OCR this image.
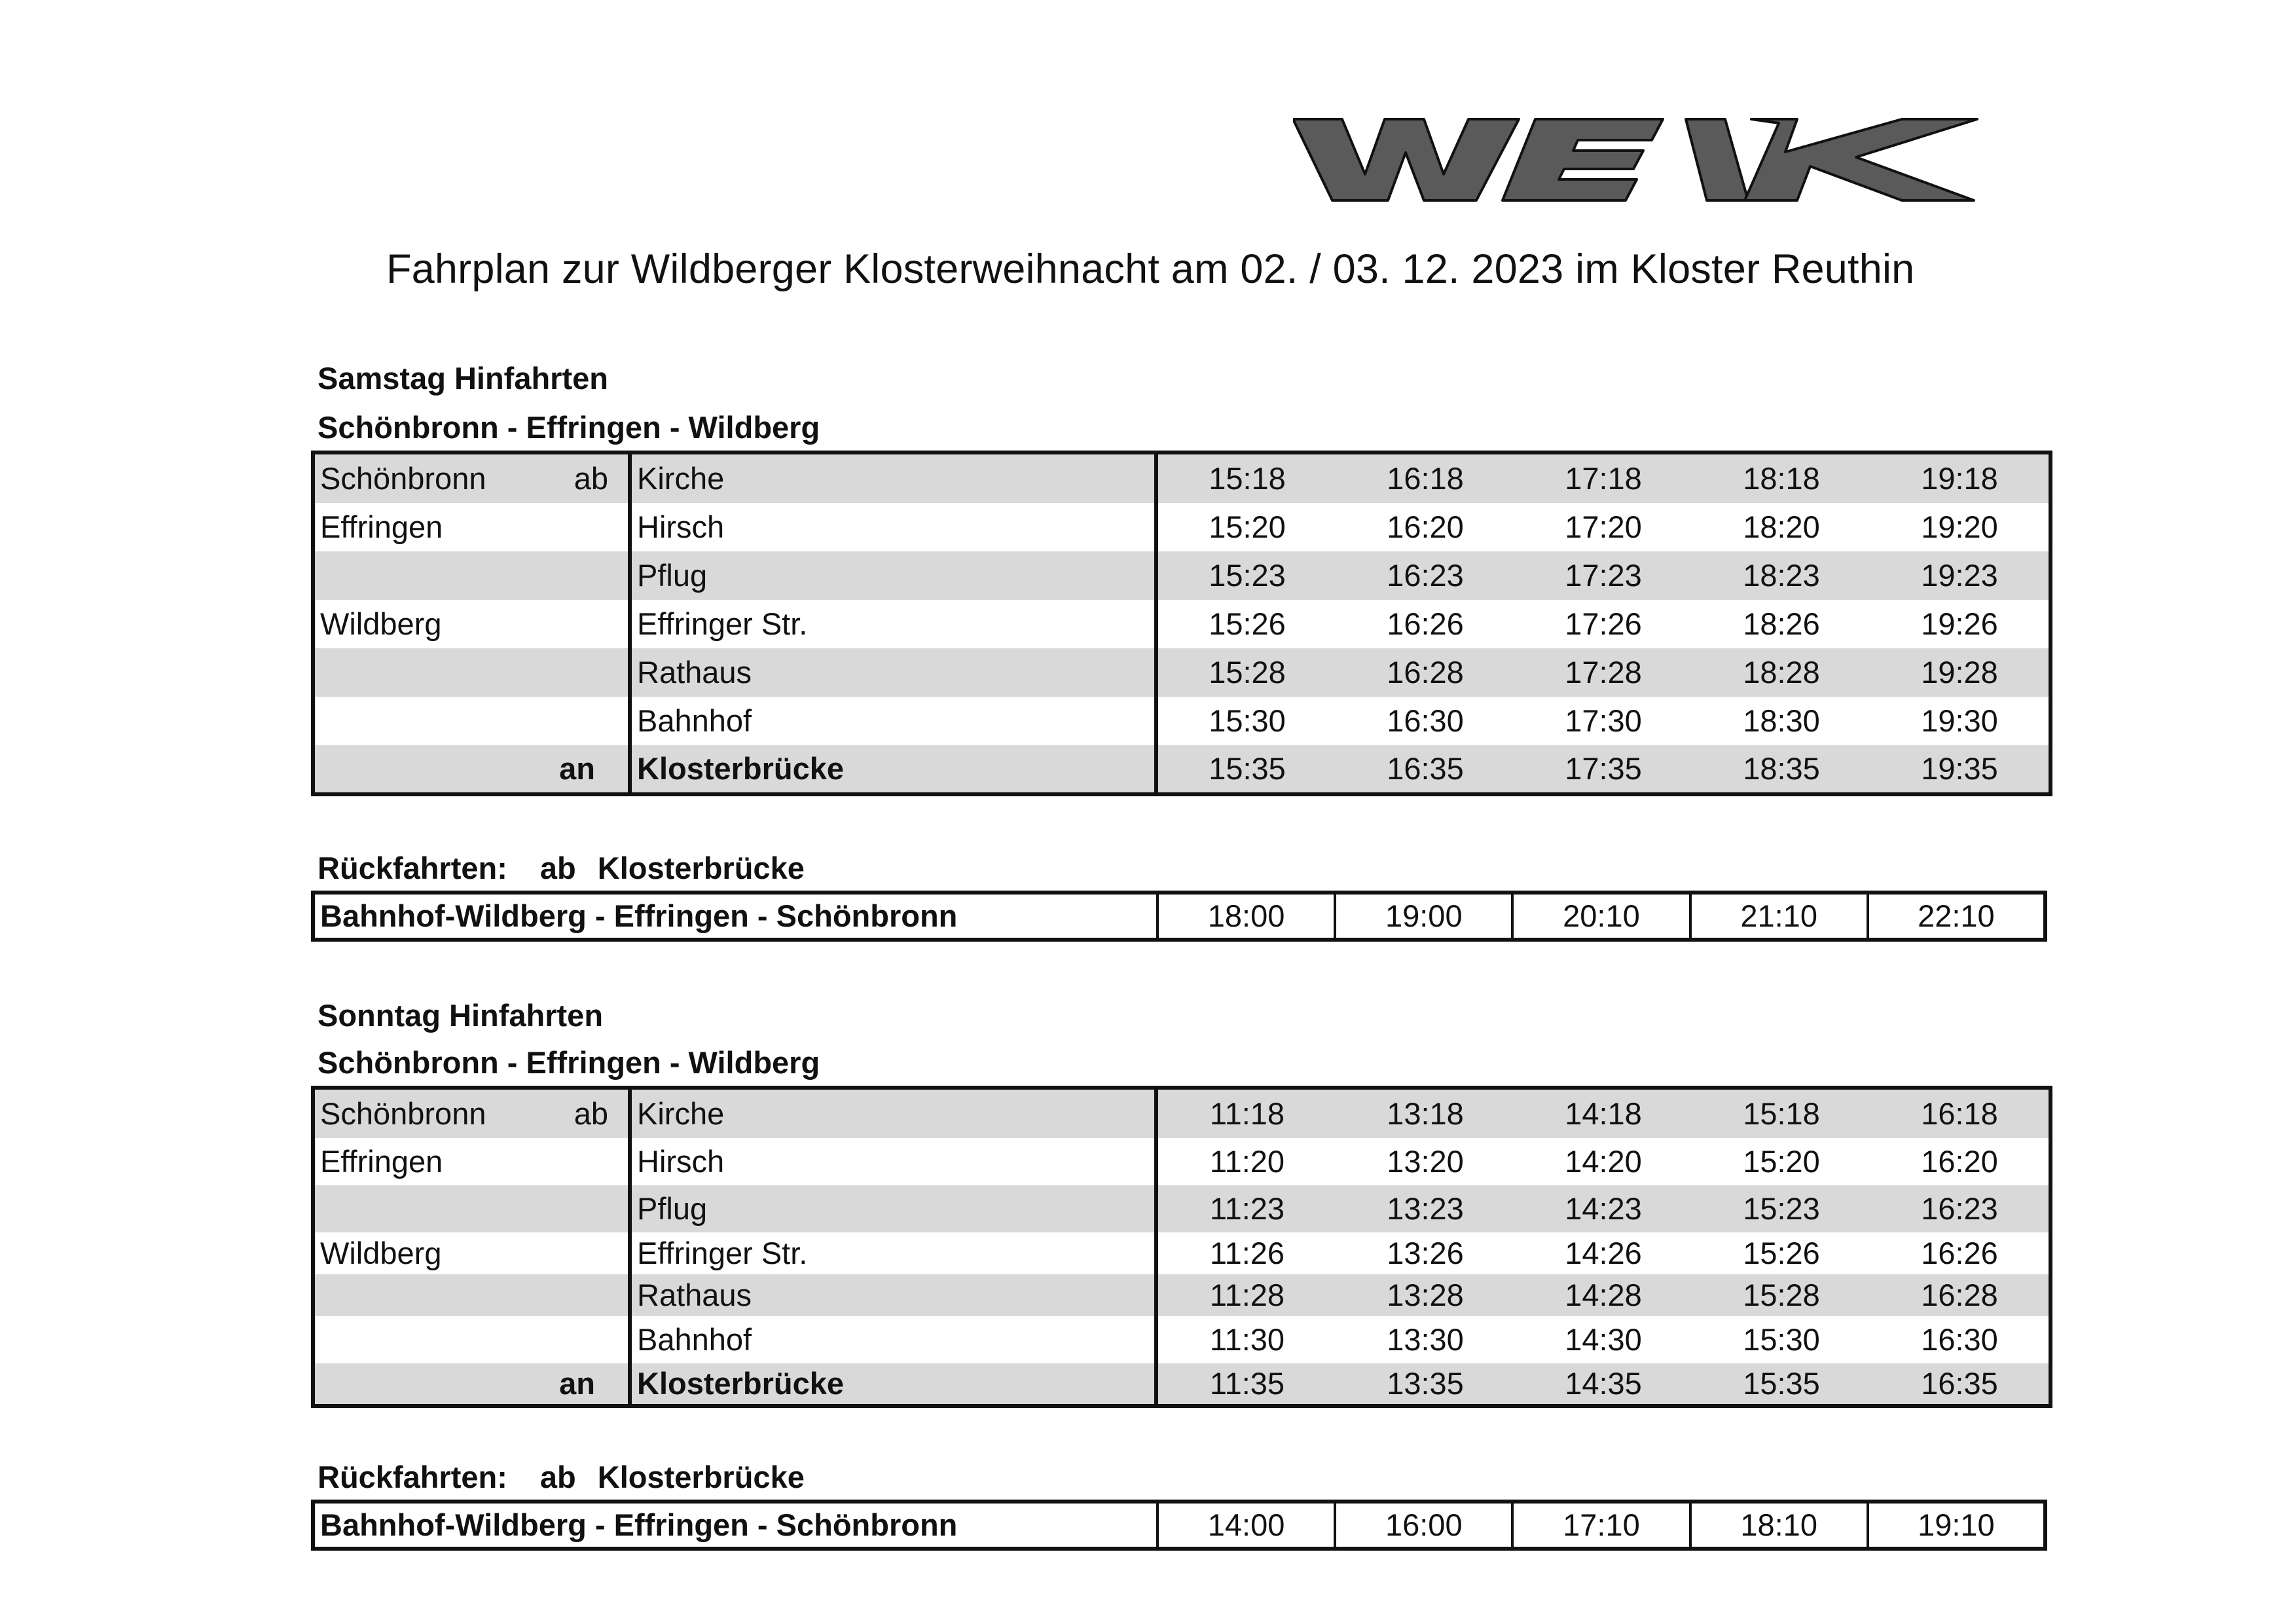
Fahrplan zur Wildberger Klosterweihnacht am 02. / 03. 12. 2023 im Kloster Reuthin
Samstag Hinfahrten
Schönbronn - Effringen - Wildberg
Schönbronn ab	Kirche	15:18	16:18	17:18	18:18	19:18
Effringen	Hirsch	15:20	16:20	17:20	18:20	19:20

	Pflug	15:23	16:23	17:23	18:23	19:23
Wildberg	Effringer Str.	15:26	16:26	17:26	18:26	19:26

	Rathaus	15:28	16:28	17:28	18:28	19:28

	Bahnhof	15:30	16:30	17:30	18:30	19:30

an	Klosterbrücke	15:35	16:35	17:35	18:35	19:35
Rückfahrten: ab Klosterbrücke
Bahnhof-Wildberg - Effringen - Schönbronn	18:00	19:00	20:10	21:10	22:10
Sonntag Hinfahrten
Schönbronn - Effringen - Wildberg
Schönbronn ab	Kirche	11:18	13:18	14:18	15:18	16:18
Effringen	Hirsch	11:20	13:20	14:20	15:20	16:20

	Pflug	11:23	13:23	14:23	15:23	16:23
Wildberg	Effringer Str.	11:26	13:26	14:26	15:26	16:26

	Rathaus	11:28	13:28	14:28	15:28	16:28

	Bahnhof	11:30	13:30	14:30	15:30	16:30

an	Klosterbrücke	11:35	13:35	14:35	15:35	16:35
Rückfahrten: ab Klosterbrücke
Bahnhof-Wildberg - Effringen - Schönbronn	14:00	16:00	17:10	18:10	19:10
